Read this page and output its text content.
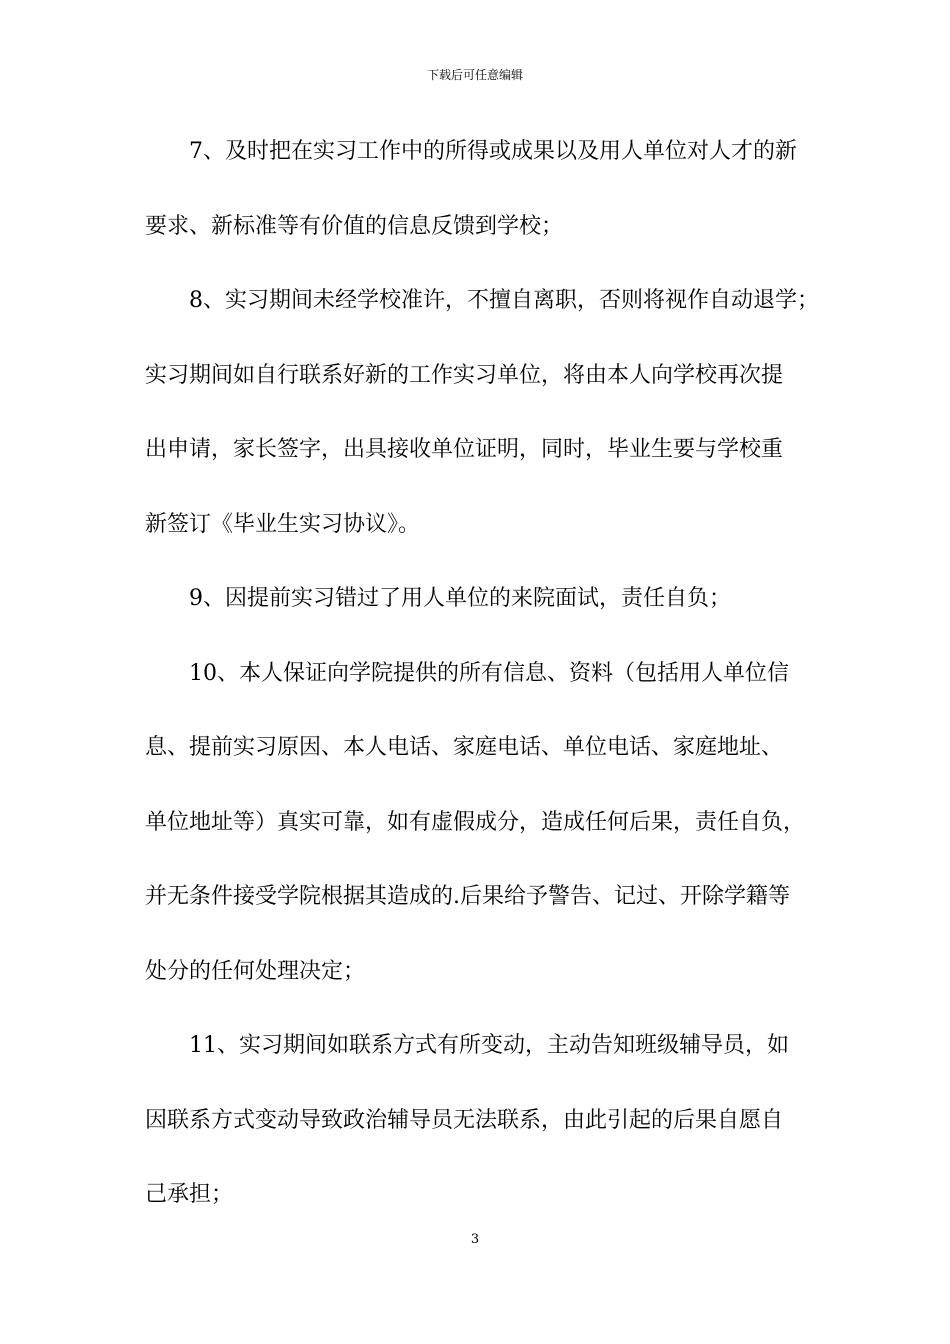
下载后可任意编辑
7、及时把在实习工作中的所得或成果以及用人单位对人才的新
要求、新标准等有价值的信息反馈到学校；
8、实习期间未经学校准许，不擅自离职，否则将视作自动退学；
实习期间如自行联系好新的工作实习单位，将由本人向学校再次提
出申请，家长签字，出具接收单位证明，同时，毕业生要与学校重
新签订《毕业生实习协议》。
9、因提前实习错过了用人单位的来院面试，责任自负；
10、本人保证向学院提供的所有信息、资料（包括用人单位信
息、提前实习原因、本人电话、家庭电话、单位电话、家庭地址、
单位地址等）真实可靠，如有虚假成分，造成任何后果，责任自负，
并无条件接受学院根据其造成的.后果给予警告、记过、开除学籍等
处分的任何处理决定；
11、实习期间如联系方式有所变动，主动告知班级辅导员，如
因联系方式变动导致政治辅导员无法联系，由此引起的后果自愿自
己承担；
3
